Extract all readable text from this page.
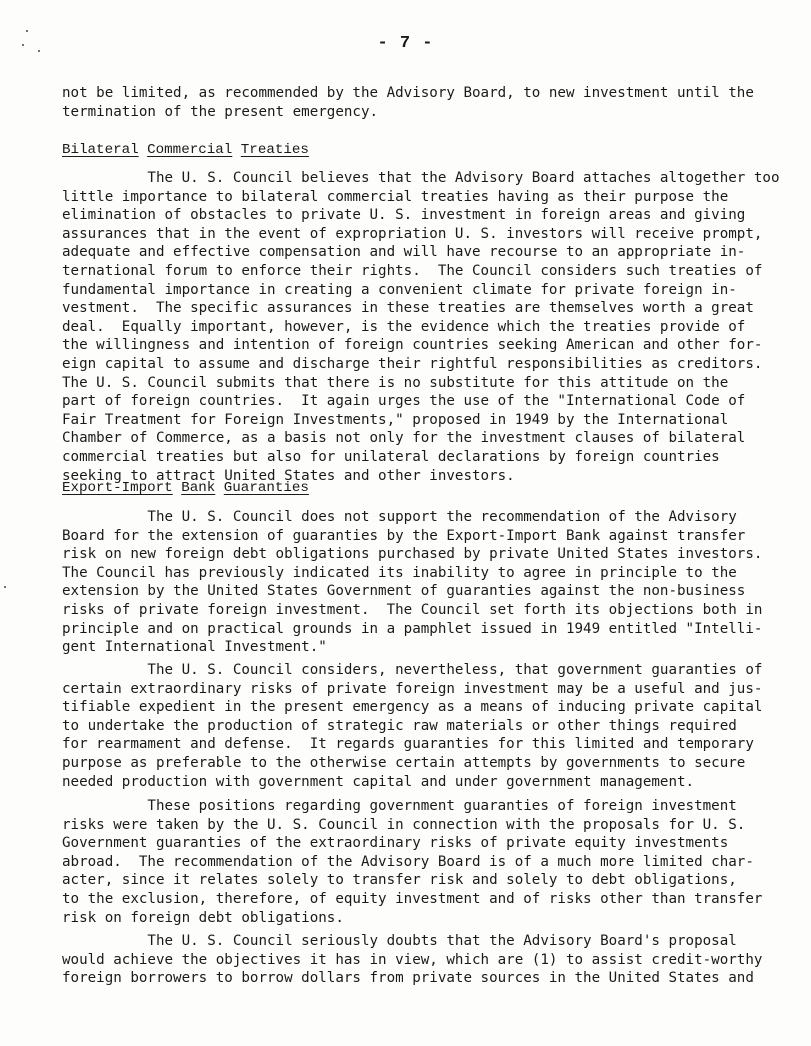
- 7 -
not be limited, as recommended by the Advisory Board, to new investment until the
termination of the present emergency.
Bilateral Commercial Treaties
The U. S. Council believes that the Advisory Board attaches altogether too
little importance to bilateral commercial treaties having as their purpose the
elimination of obstacles to private U. S. investment in foreign areas and giving
assurances that in the event of expropriation U. S. investors will receive prompt,
adequate and effective compensation and will have recourse to an appropriate in-
ternational forum to enforce their rights.  The Council considers such treaties of
fundamental importance in creating a convenient climate for private foreign in-
vestment.  The specific assurances in these treaties are themselves worth a great
deal.  Equally important, however, is the evidence which the treaties provide of
the willingness and intention of foreign countries seeking American and other for-
eign capital to assume and discharge their rightful responsibilities as creditors.
The U. S. Council submits that there is no substitute for this attitude on the
part of foreign countries.  It again urges the use of the "International Code of
Fair Treatment for Foreign Investments," proposed in 1949 by the International
Chamber of Commerce, as a basis not only for the investment clauses of bilateral
commercial treaties but also for unilateral declarations by foreign countries
seeking to attract United States and other investors.
Export-Import Bank Guaranties
The U. S. Council does not support the recommendation of the Advisory
Board for the extension of guaranties by the Export-Import Bank against transfer
risk on new foreign debt obligations purchased by private United States investors.
The Council has previously indicated its inability to agree in principle to the
extension by the United States Government of guaranties against the non-business
risks of private foreign investment.  The Council set forth its objections both in
principle and on practical grounds in a pamphlet issued in 1949 entitled "Intelli-
gent International Investment."
The U. S. Council considers, nevertheless, that government guaranties of
certain extraordinary risks of private foreign investment may be a useful and jus-
tifiable expedient in the present emergency as a means of inducing private capital
to undertake the production of strategic raw materials or other things required
for rearmament and defense.  It regards guaranties for this limited and temporary
purpose as preferable to the otherwise certain attempts by governments to secure
needed production with government capital and under government management.
These positions regarding government guaranties of foreign investment
risks were taken by the U. S. Council in connection with the proposals for U. S.
Government guaranties of the extraordinary risks of private equity investments
abroad.  The recommendation of the Advisory Board is of a much more limited char-
acter, since it relates solely to transfer risk and solely to debt obligations,
to the exclusion, therefore, of equity investment and of risks other than transfer
risk on foreign debt obligations.
The U. S. Council seriously doubts that the Advisory Board's proposal
would achieve the objectives it has in view, which are (1) to assist credit-worthy
foreign borrowers to borrow dollars from private sources in the United States and
